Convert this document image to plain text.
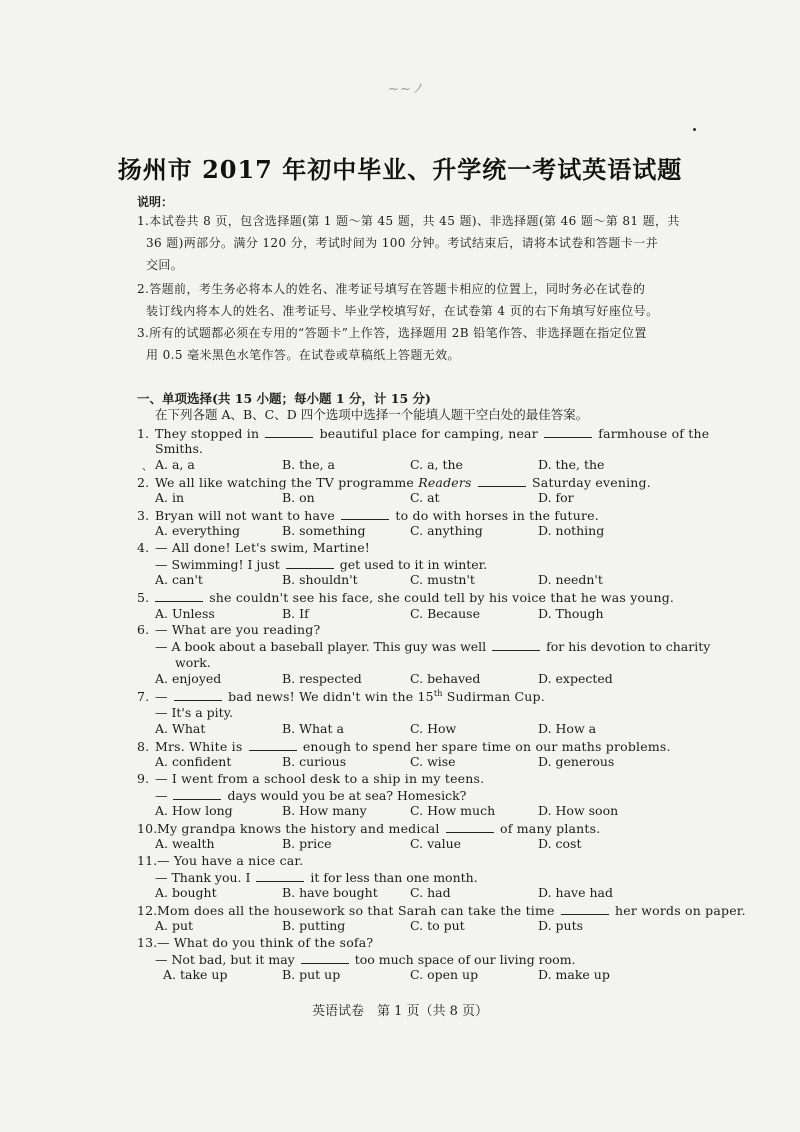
~~ノ
扬州市 2017 年初中毕业、升学统一考试英语试题
说明：
1.本试卷共 8 页，包含选择题(第 1 题～第 45 题，共 45 题)、非选择题(第 46 题～第 81 题，共
36 题)两部分。满分 120 分，考试时间为 100 分钟。考试结束后，请将本试卷和答题卡一并
交回。
2.答题前，考生务必将本人的姓名、准考证号填写在答题卡相应的位置上，同时务必在试卷的
装订线内将本人的姓名、准考证号、毕业学校填写好，在试卷第 4 页的右下角填写好座位号。
3.所有的试题都必须在专用的“答题卡”上作答，选择题用 2B 铅笔作答、非选择题在指定位置
用 0.5 毫米黑色水笔作答。在试卷或草稿纸上答题无效。
一、单项选择(共 15 小题；每小题 1 分，计 15 分)
在下列各题 A、B、C、D 四个选项中选择一个能填人题干空白处的最佳答案。
1. They stopped in	beautiful place for camping, near	farmhouse of the
Smiths.
、 A. a, a	B. the, a	C. a, the	D. the, the
2. We all like watching the TV programme Readers	Saturday evening.
A. in	B. on	C. at	D. for
3. Bryan will not want to have	to do with horses in the future.
A. everything	B. something	C. anything	D. nothing
4. — All done! Let's swim, Martine!
— Swimming! I just	get used to it in winter.
A. can't	B. shouldn't	C. mustn't	D. needn't
5.	she couldn't see his face, she could tell by his voice that he was young.
A. Unless	B. If	C. Because	D. Though
6. — What are you reading?
— A book about a baseball player. This guy was well	for his devotion to charity
work.
A. enjoyed	B. respected	C. behaved	D. expected
7. —	bad news! We didn't win the 15th Sudirman Cup.
— It's a pity.
A. What	B. What a	C. How	D. How a
8. Mrs. White is	enough to spend her spare time on our maths problems.
A. confident	B. curious	C. wise	D. generous
9. — I went from a school desk to a ship in my teens.
—	days would you be at sea? Homesick?
A. How long	B. How many	C. How much	D. How soon
10.My grandpa knows the history and medical	of many plants.
A. wealth	B. price	C. value	D. cost
11.— You have a nice car.
— Thank you. I	it for less than one month.
A. bought	B. have bought	C. had	D. have had
12.Mom does all the housework so that Sarah can take the time	her words on paper.
A. put	B. putting	C. to put	D. puts
13.— What do you think of the sofa?
— Not bad, but it may	too much space of our living room.
A. take up	B. put up	C. open up	D. make up
英语试卷　第 1 页（共 8 页）
